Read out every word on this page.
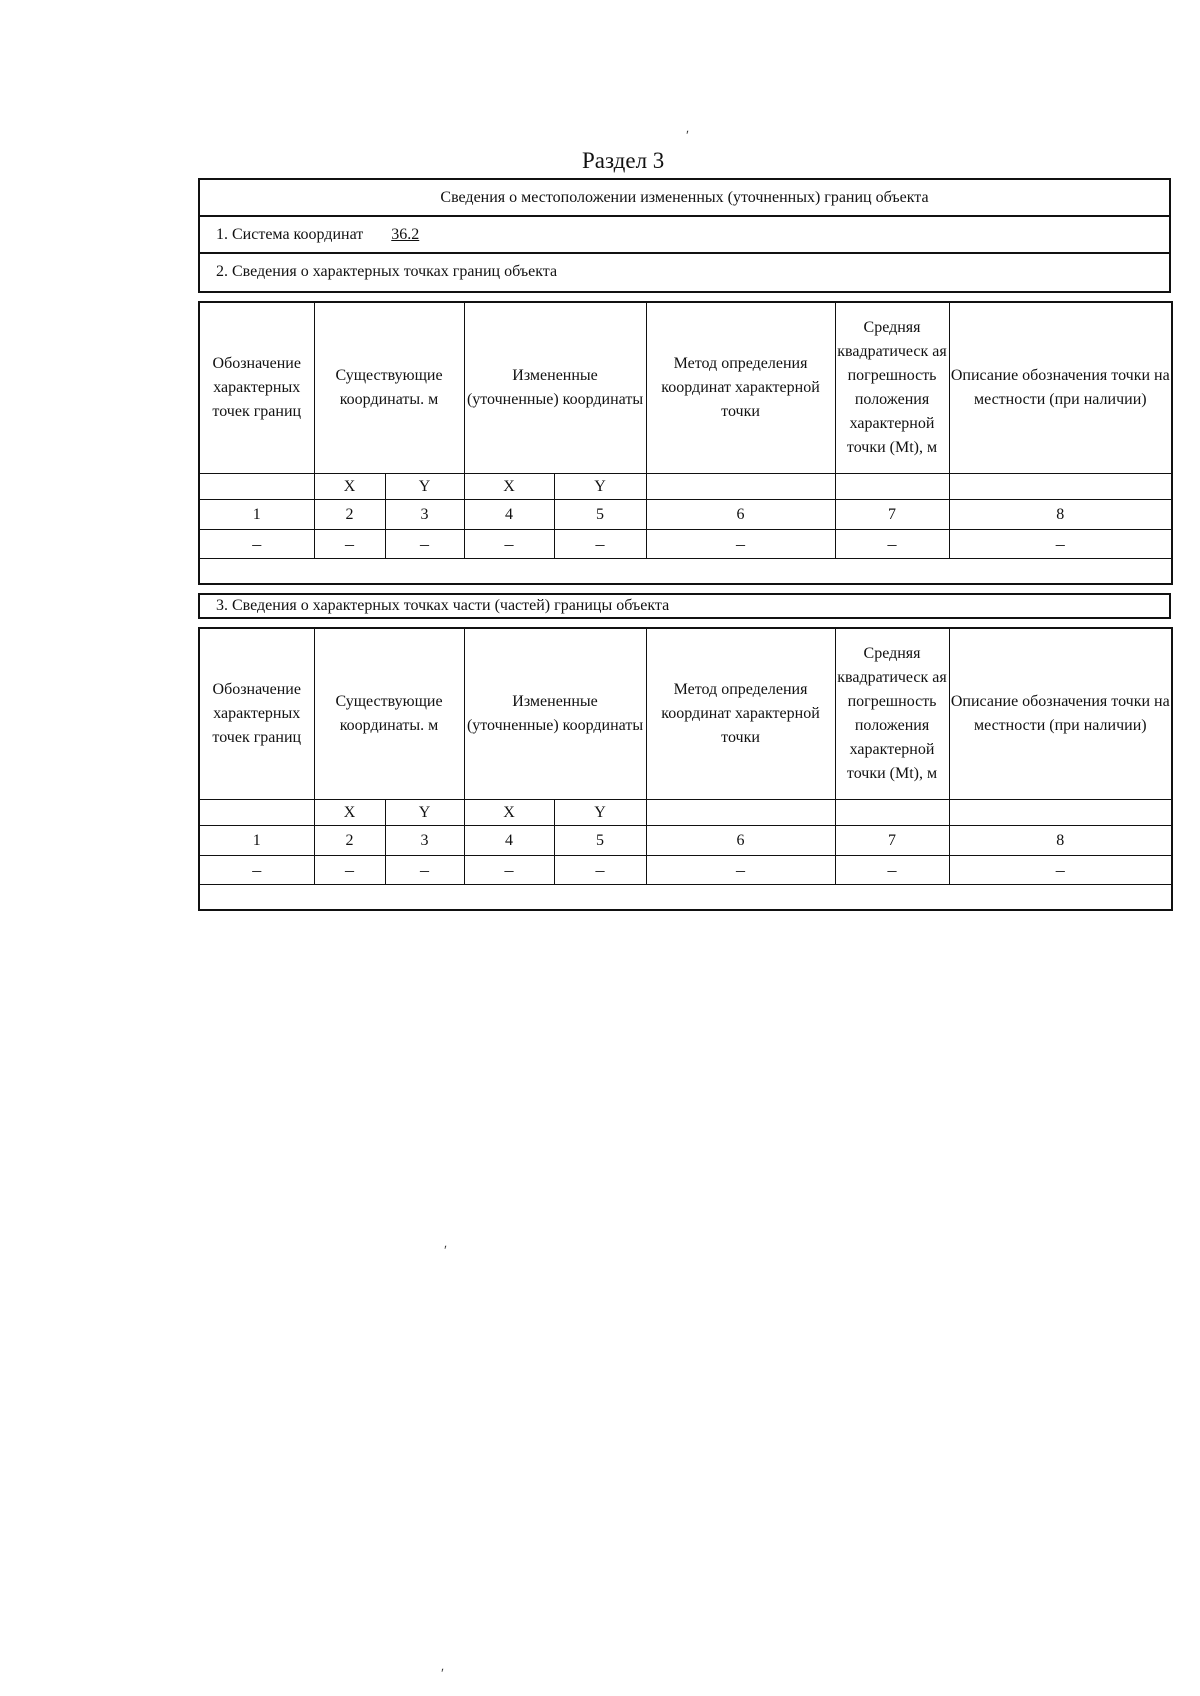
Раздел 3
Сведения о местоположении измененных (уточненных) границ объекта
1. Система координат 36.2
2. Сведения о характерных точках границ объекта
Обозначение характерных точек границ	Существующие координаты. м		Измененные (уточненные) координаты		Метод определения координат характерной точки	Средняя квадратическ ая погрешность положения характерной точки (Mt), м	Описание обозначения точки на местности (при наличии)
	X	Y	X	Y			
1	2	3	4	5	6	7	8
–	–	–	–	–	–	–	–

3. Сведения о характерных точках части (частей) границы объекта
Обозначение характерных точек границ	Существующие координаты. м		Измененные (уточненные) координаты		Метод определения координат характерной точки	Средняя квадратическ ая погрешность положения характерной точки (Mt), м	Описание обозначения точки на местности (при наличии)
	X	Y	X	Y			
1	2	3	4	5	6	7	8
–	–	–	–	–	–	–	–

ʹ
ʹ
ʹ
